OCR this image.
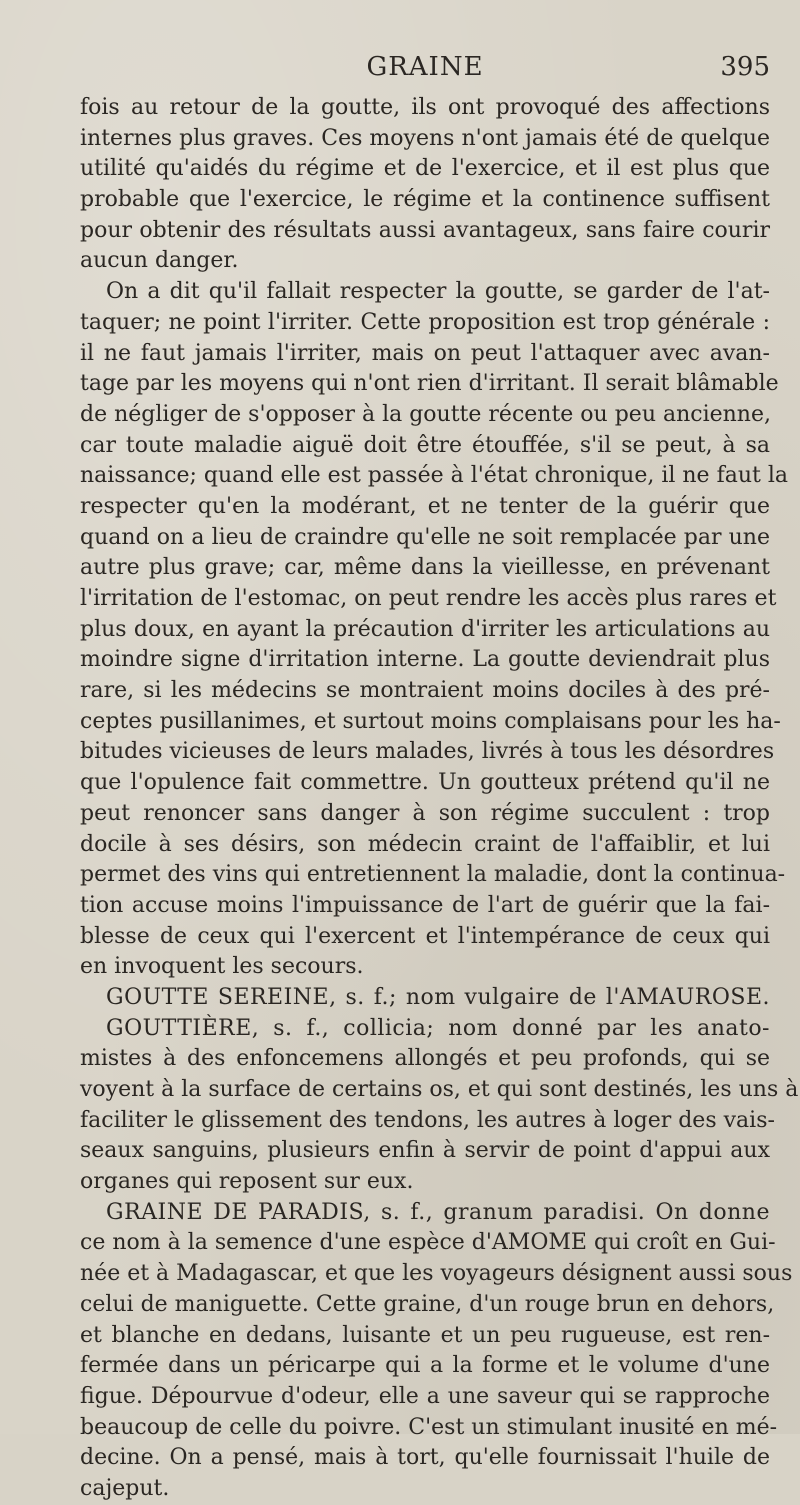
GRAINE	395
fois au retour de la goutte, ils ont provoqué des affections
internes plus graves. Ces moyens n'ont jamais été de quelque
utilité qu'aidés du régime et de l'exercice, et il est plus que
probable que l'exercice, le régime et la continence suffisent
pour obtenir des résultats aussi avantageux, sans faire courir
aucun danger.
On a dit qu'il fallait respecter la goutte, se garder de l'at-
taquer; ne point l'irriter. Cette proposition est trop générale :
il ne faut jamais l'irriter, mais on peut l'attaquer avec avan-
tage par les moyens qui n'ont rien d'irritant. Il serait blâmable
de négliger de s'opposer à la goutte récente ou peu ancienne,
car toute maladie aiguë doit être étouffée, s'il se peut, à sa
naissance; quand elle est passée à l'état chronique, il ne faut la
respecter qu'en la modérant, et ne tenter de la guérir que
quand on a lieu de craindre qu'elle ne soit remplacée par une
autre plus grave; car, même dans la vieillesse, en prévenant
l'irritation de l'estomac, on peut rendre les accès plus rares et
plus doux, en ayant la précaution d'irriter les articulations au
moindre signe d'irritation interne. La goutte deviendrait plus
rare, si les médecins se montraient moins dociles à des pré-
ceptes pusillanimes, et surtout moins complaisans pour les ha-
bitudes vicieuses de leurs malades, livrés à tous les désordres
que l'opulence fait commettre. Un goutteux prétend qu'il ne
peut renoncer sans danger à son régime succulent : trop
docile à ses désirs, son médecin craint de l'affaiblir, et lui
permet des vins qui entretiennent la maladie, dont la continua-
tion accuse moins l'impuissance de l'art de guérir que la fai-
blesse de ceux qui l'exercent et l'intempérance de ceux qui
en invoquent les secours.
GOUTTE SEREINE, s. f.; nom vulgaire de l'AMAUROSE.
GOUTTIÈRE, s. f., collicia; nom donné par les anato-
mistes à des enfoncemens allongés et peu profonds, qui se
voyent à la surface de certains os, et qui sont destinés, les uns à
faciliter le glissement des tendons, les autres à loger des vais-
seaux sanguins, plusieurs enfin à servir de point d'appui aux
organes qui reposent sur eux.
GRAINE DE PARADIS, s. f., granum paradisi. On donne
ce nom à la semence d'une espèce d'AMOME qui croît en Gui-
née et à Madagascar, et que les voyageurs désignent aussi sous
celui de maniguette. Cette graine, d'un rouge brun en dehors,
et blanche en dedans, luisante et un peu rugueuse, est ren-
fermée dans un péricarpe qui a la forme et le volume d'une
figue. Dépourvue d'odeur, elle a une saveur qui se rapproche
beaucoup de celle du poivre. C'est un stimulant inusité en mé-
decine. On a pensé, mais à tort, qu'elle fournissait l'huile de
cajeput.
